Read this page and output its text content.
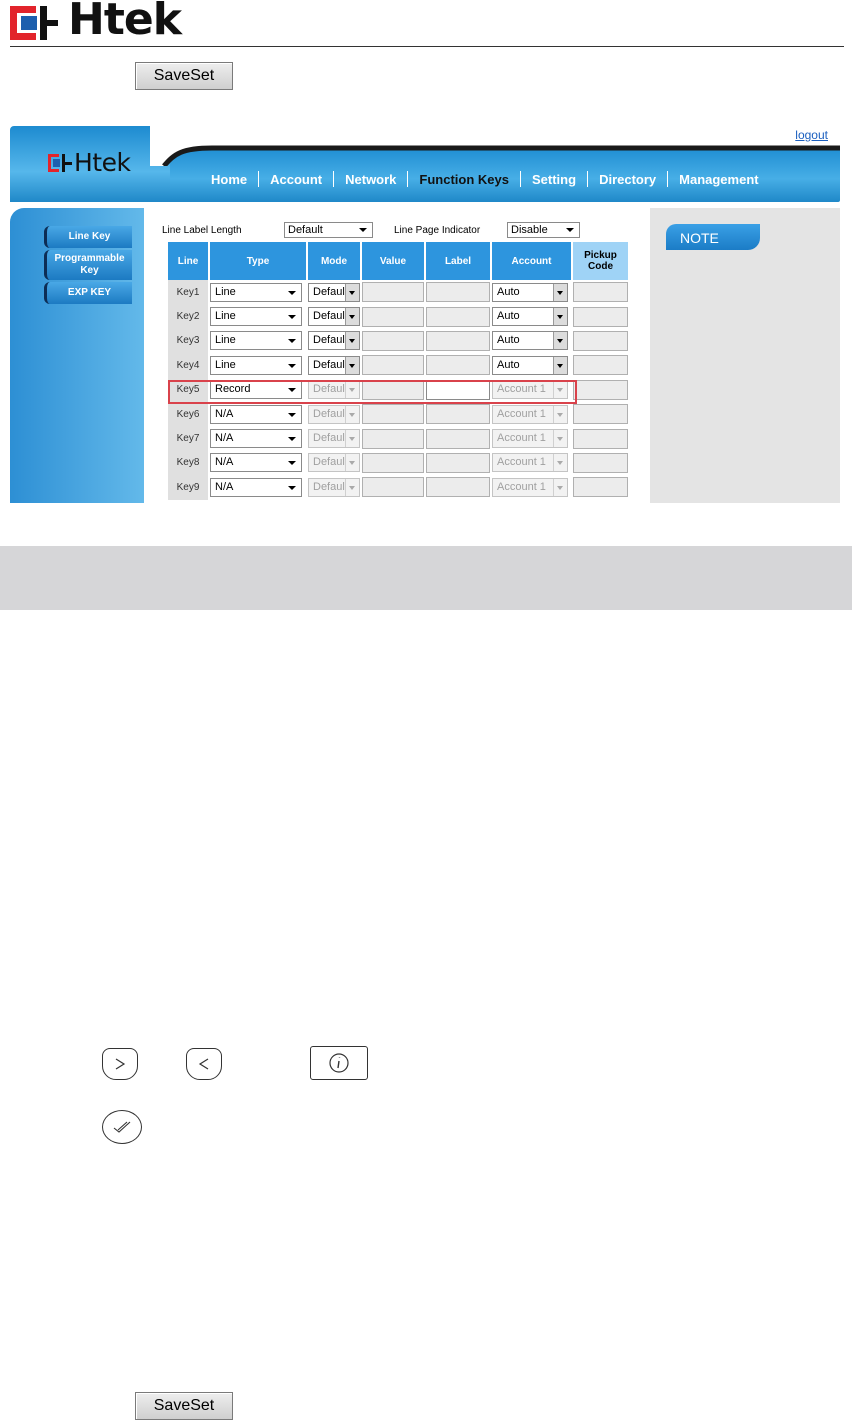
Htek
SaveSet
logout
Htek
Home	Account	Network	Function Keys	Setting	Directory	Management
Line Key
Programmable Key
EXP KEY
Line Label Length	Default	Line Page Indicator	Disable
Line	Type	Mode	Value	Label	Account	Pickup Code
Key1	Line	Defaul			Auto	

Key2	Line	Defaul			Auto	

Key3	Line	Defaul			Auto	

Key4	Line	Defaul			Auto	

Key5	Record	Defaul			Account 1	

Key6	N/A	Defaul			Account 1	

Key7	N/A	Defaul			Account 1	

Key8	N/A	Defaul			Account 1	

Key9	N/A	Defaul			Account 1	

NOTE
SaveSet
